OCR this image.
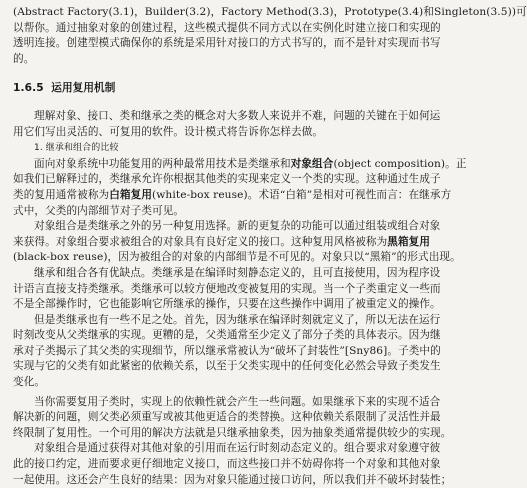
(Abstract Factory(3.1)，Builder(3.2)，Factory Method(3.3)，Prototype(3.4)和Singleton(3.5))可
以帮你。通过抽象对象的创建过程，这些模式提供不同方式以在实例化时建立接口和实现的
透明连接。创建型模式确保你的系统是采用针对接口的方式书写的，而不是针对实现而书写
的。
1.6.5 运用复用机制
理解对象、接口、类和继承之类的概念对大多数人来说并不难，问题的关键在于如何运
用它们写出灵活的、可复用的软件。设计模式将告诉你怎样去做。
1. 继承和组合的比较
面向对象系统中功能复用的两种最常用技术是类继承和对象组合(object composition)。正
如我们已解释过的，类继承允许你根据其他类的实现来定义一个类的实现。这种通过生成子
类的复用通常被称为白箱复用(white-box reuse)。术语“白箱”是相对可视性而言：在继承方
式中，父类的内部细节对子类可见。
对象组合是类继承之外的另一种复用选择。新的更复杂的功能可以通过组装或组合对象
来获得。对象组合要求被组合的对象具有良好定义的接口。这种复用风格被称为黑箱复用
(black-box reuse)，因为被组合的对象的内部细节是不可见的。对象只以“黑箱”的形式出现。
继承和组合各有优缺点。类继承是在编译时刻静态定义的，且可直接使用，因为程序设
计语言直接支持类继承。类继承可以较方便地改变被复用的实现。当一个子类重定义一些而
不是全部操作时，它也能影响它所继承的操作，只要在这些操作中调用了被重定义的操作。
但是类继承也有一些不足之处。首先，因为继承在编译时刻就定义了，所以无法在运行
时刻改变从父类继承的实现。更糟的是，父类通常至少定义了部分子类的具体表示。因为继
承对子类揭示了其父类的实现细节，所以继承常被认为“破坏了封装性”[Sny86]。子类中的
实现与它的父类有如此紧密的依赖关系，以至于父类实现中的任何变化必然会导致子类发生
变化。
当你需要复用子类时，实现上的依赖性就会产生一些问题。如果继承下来的实现不适合
解决新的问题，则父类必须重写或被其他更适合的类替换。这种依赖关系限制了灵活性并最
终限制了复用性。一个可用的解决方法就是只继承抽象类，因为抽象类通常提供较少的实现。
对象组合是通过获得对其他对象的引用而在运行时刻动态定义的。组合要求对象遵守彼
此的接口约定，进而要求更仔细地定义接口，而这些接口并不妨碍你将一个对象和其他对象
一起使用。这还会产生良好的结果：因为对象只能通过接口访问，所以我们并不破坏封装性；
